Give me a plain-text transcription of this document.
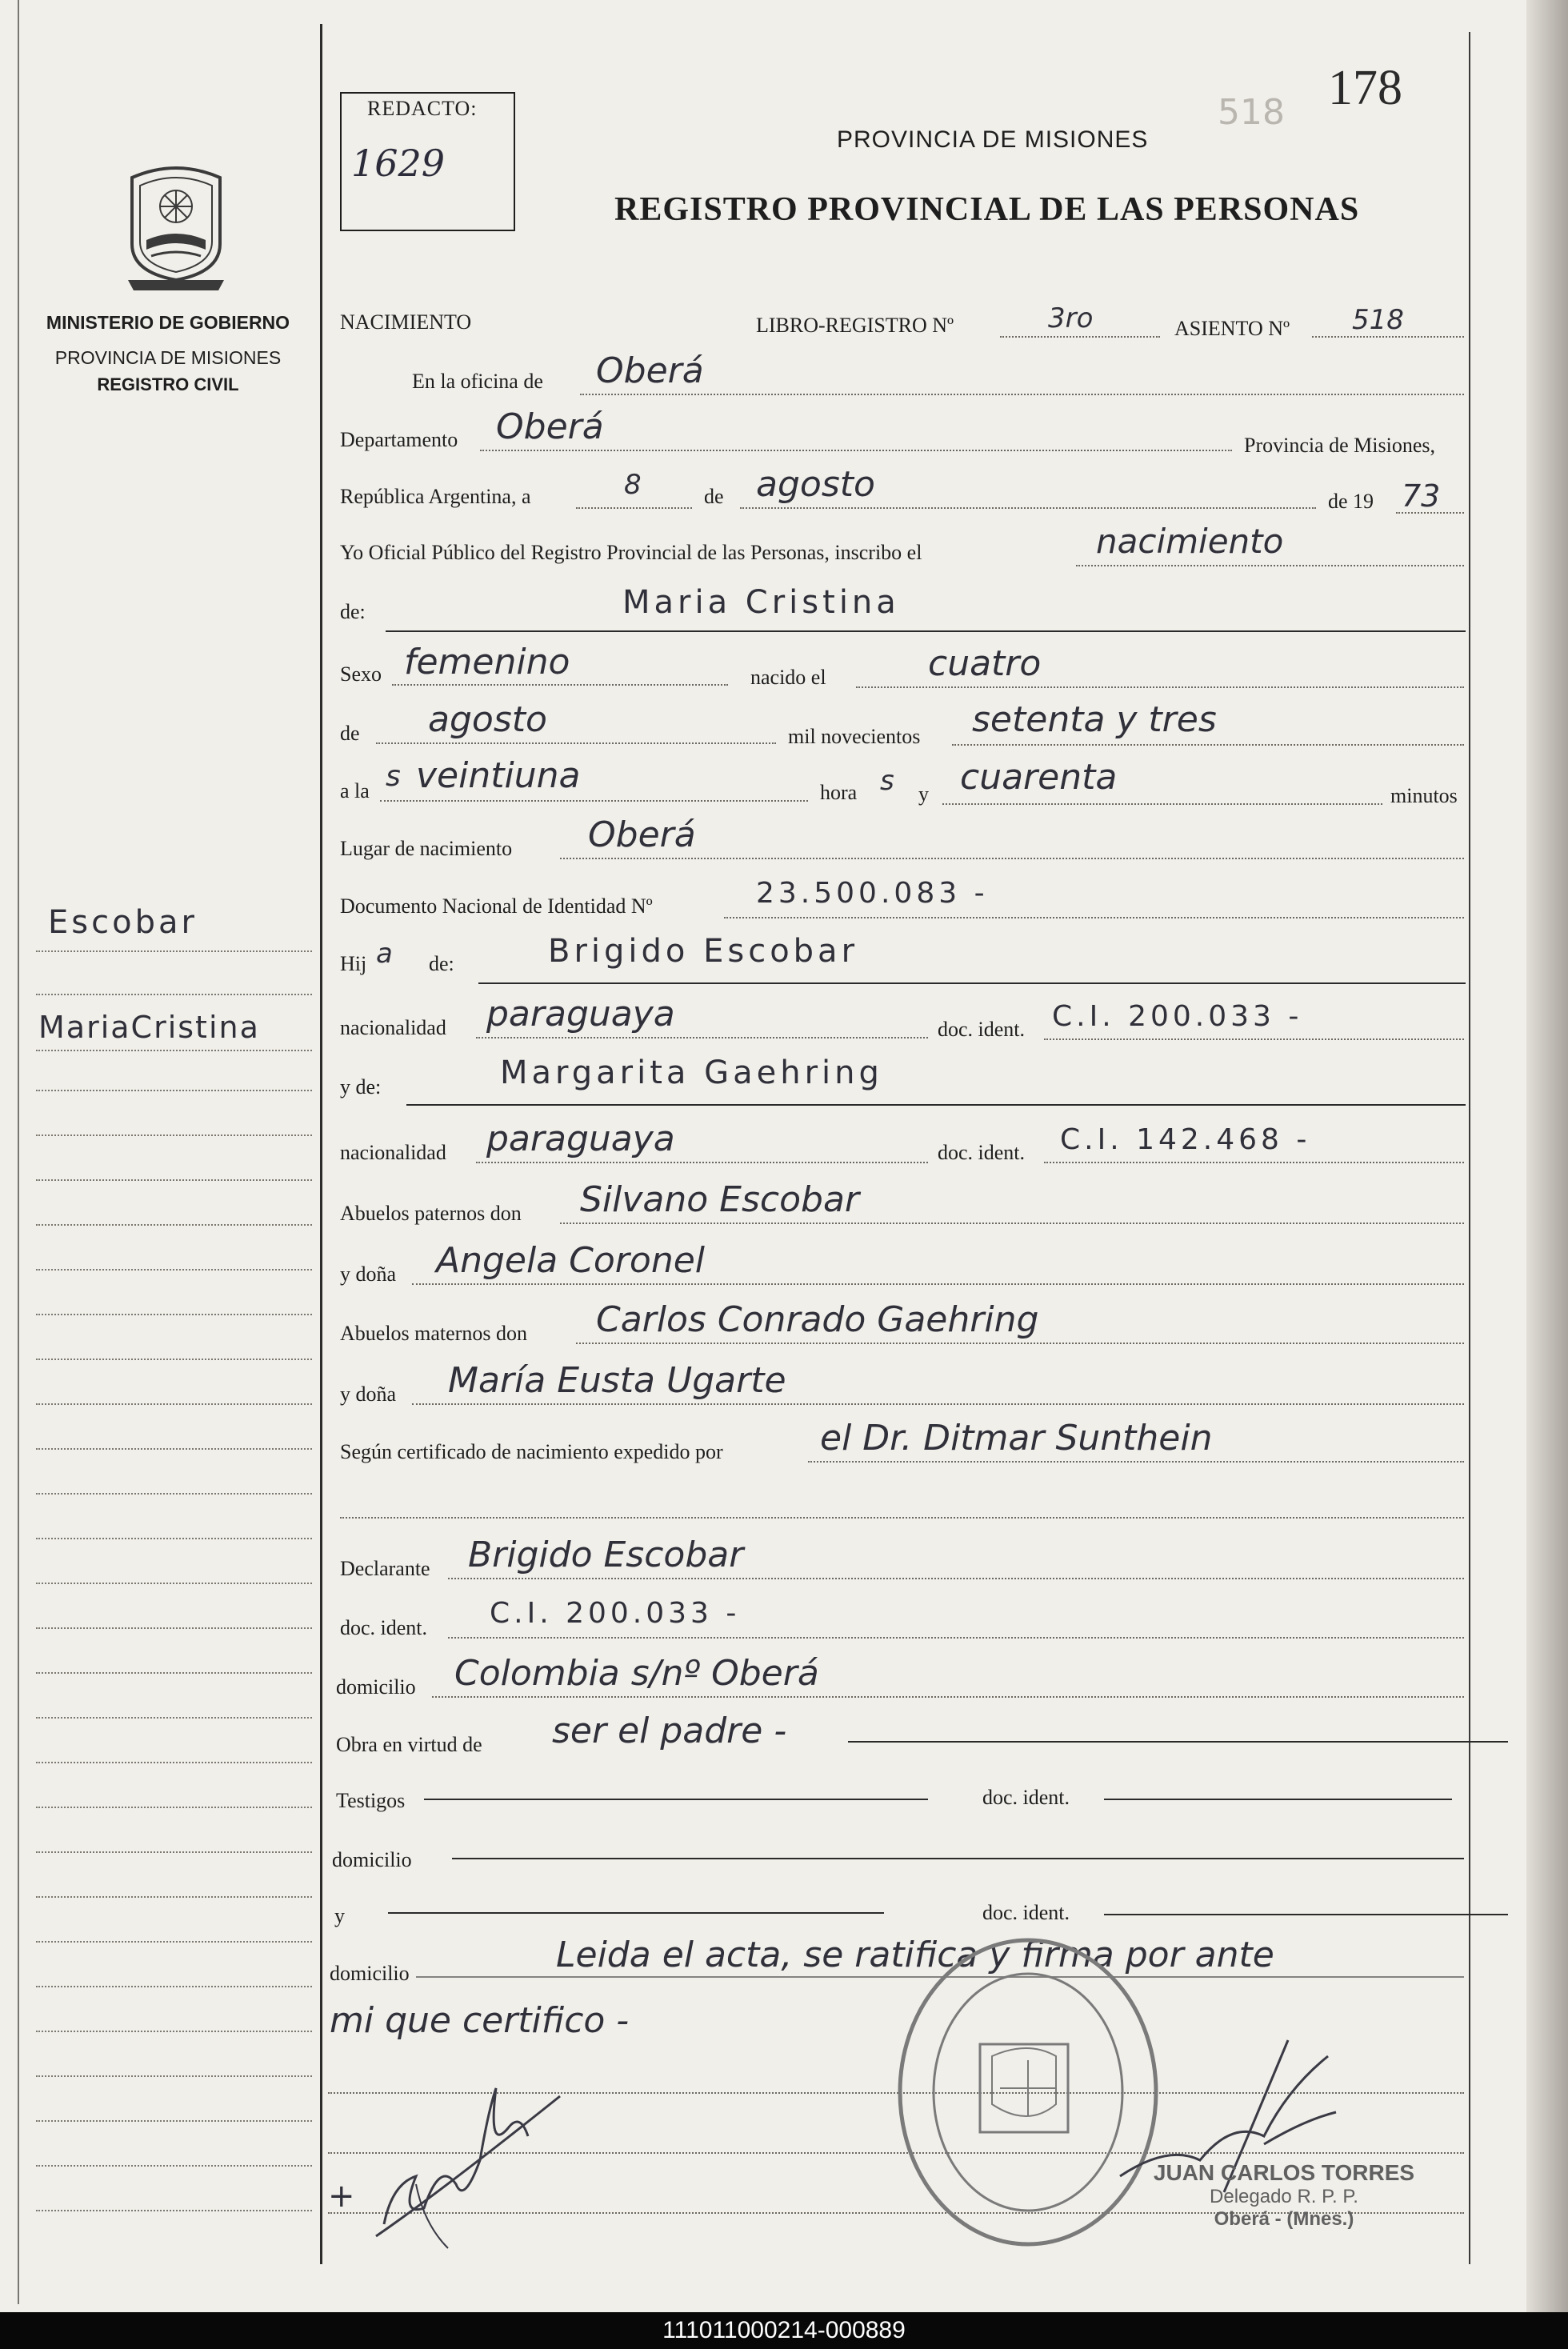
REDACTO:
1629
518 178
PROVINCIA DE MISIONES
REGISTRO PROVINCIAL DE LAS PERSONAS
MINISTERIO DE GOBIERNO
PROVINCIA DE MISIONES
REGISTRO CIVIL
Escobar
MariaCristina
NACIMIENTO	LIBRO-REGISTRO Nº	3ro	ASIENTO Nº 518
En la oficina de Oberá
Departamento Oberá	Provincia de Misiones,
República Argentina, a	8	de agosto	de 19 73
Yo Oficial Público del Registro Provincial de las Personas, inscribo el	nacimiento
de:	Maria Cristina
Sexo femenino	nacido el	cuatro
de agosto	mil novecientos setenta y tres
a la s veintiuna	hora s y cuarenta	minutos
Lugar de nacimiento Oberá
Documento Nacional de Identidad Nº	23.500.083 -
Hij a de:	Brigido Escobar
nacionalidad paraguaya	doc. ident. C.I. 200.033 -
y de:	Margarita Gaehring
nacionalidad paraguaya	doc. ident. C.I. 142.468 -
Abuelos paternos don Silvano Escobar
y doña Angela Coronel
Abuelos maternos don Carlos Conrado Gaehring
y doña María Eusta Ugarte
Según certificado de nacimiento expedido por	el Dr. Ditmar Sunthein
Declarante Brigido Escobar
doc. ident. C.I. 200.033 -
domicilio Colombia s/nº Oberá
Obra en virtud de ser el padre -
Testigos	doc. ident.
domicilio
y	doc. ident.
domicilio	Leida el acta, se ratifica y firma por ante
mi que certifico -
+
JUAN CARLOS TORRES
Delegado R. P. P.
Oberá - (Mnes.)
111011000214-000889
